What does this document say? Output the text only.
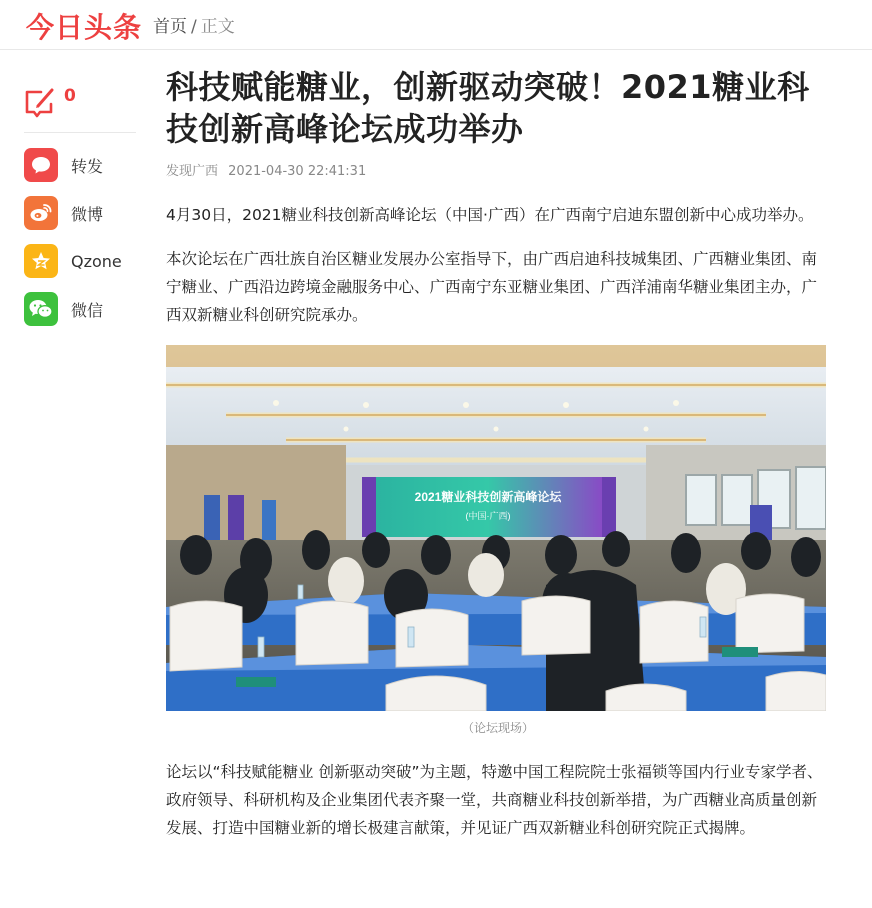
今日头条 首页 / 正文
0
转发
微博
Qzone
微信
科技赋能糖业，创新驱动突破！2021糖业科技创新高峰论坛成功举办
发现广西 2021-04-30 22:41:31

4月30日，2021糖业科技创新高峰论坛（中国·广西）在广西南宁启迪东盟创新中心成功举办。

本次论坛在广西壮族自治区糖业发展办公室指导下，由广西启迪科技城集团、广西糖业集团、南宁糖业、广西沿边跨境金融服务中心、广西南宁东亚糖业集团、广西洋浦南华糖业集团主办，广西双新糖业科创研究院承办。

2021糖业科技创新高峰论坛
(中国·广西)
（论坛现场）

论坛以“科技赋能糖业 创新驱动突破”为主题，特邀中国工程院院士张福锁等国内行业专家学者、政府领导、科研机构及企业集团代表齐聚一堂，共商糖业科技创新举措，为广西糖业高质量创新发展、打造中国糖业新的增长极建言献策，并见证广西双新糖业科创研究院正式揭牌。
